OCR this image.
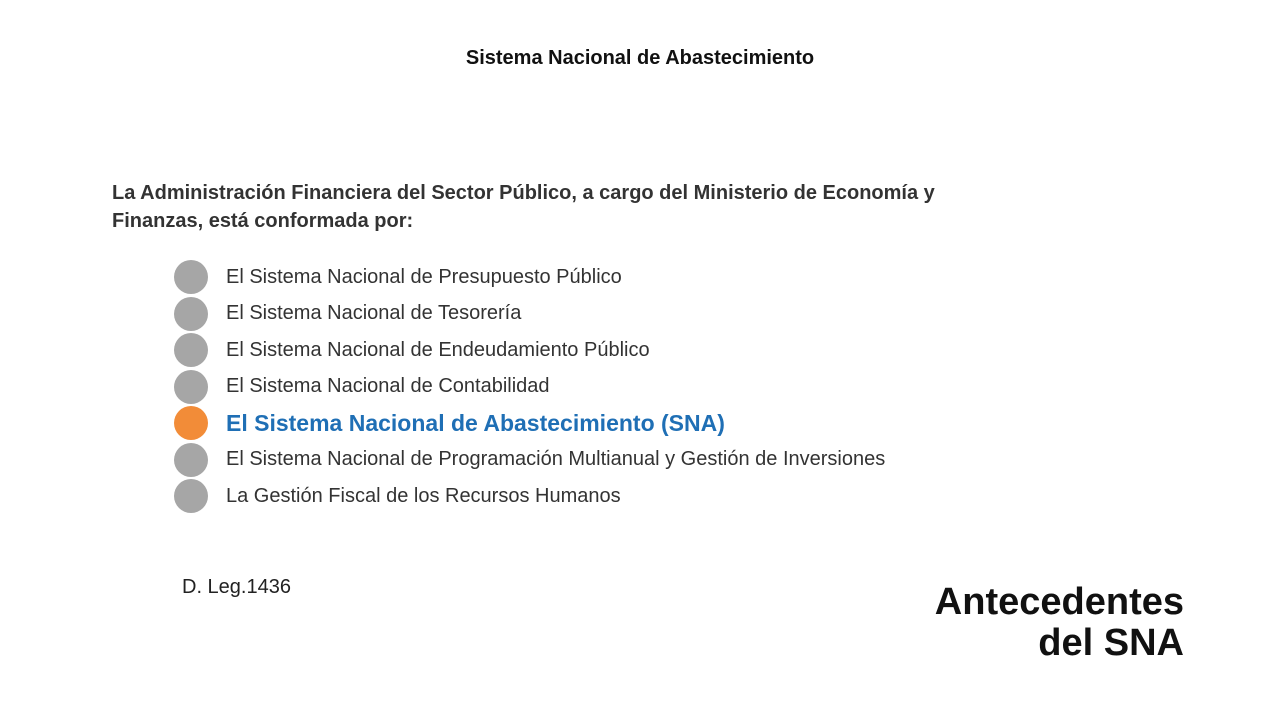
Sistema Nacional de Abastecimiento
La Administración Financiera del Sector Público, a cargo del Ministerio de Economía y Finanzas, está conformada por:
El Sistema Nacional de Presupuesto Público
El Sistema Nacional de Tesorería
El Sistema Nacional de Endeudamiento Público
El Sistema Nacional de Contabilidad
El Sistema Nacional de Abastecimiento (SNA)
El Sistema Nacional de Programación Multianual y Gestión de Inversiones
La Gestión Fiscal de los Recursos Humanos
D. Leg.1436	Antecedentes
del SNA
